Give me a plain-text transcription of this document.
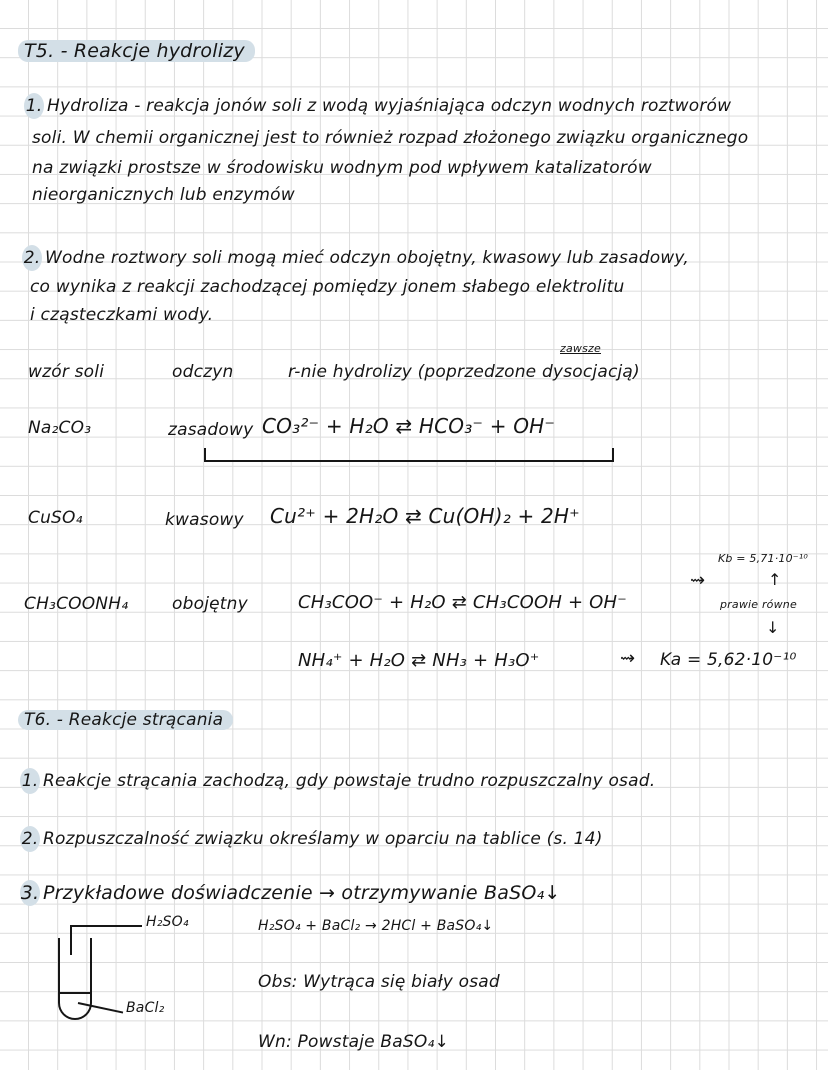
T5. - Reakcje hydrolizy
1. Hydroliza - reakcja jonów soli z wodą wyjaśniająca odczyn wodnych roztworów
soli. W chemii organicznej jest to również rozpad złożonego związku organicznego
na związki prostsze w środowisku wodnym pod wpływem katalizatorów
nieorganicznych lub enzymów
2. Wodne roztwory soli mogą mieć odczyn obojętny, kwasowy lub zasadowy,
co wynika z reakcji zachodzącej pomiędzy jonem słabego elektrolitu
i cząsteczkami wody.
zawsze
wzór soli	odczyn	r-nie hydrolizy (poprzedzone dysocjacją)
Na₂CO₃	zasadowy CO₃²⁻ + H₂O ⇄ HCO₃⁻ + OH⁻
CuSO₄	kwasowy Cu²⁺ + 2H₂O ⇄ Cu(OH)₂ + 2H⁺
CH₃COONH₄	obojętny	CH₃COO⁻ + H₂O ⇄ CH₃COOH + OH⁻
NH₄⁺ + H₂O ⇄ NH₃ + H₃O⁺
⇝
Kb = 5,71·10⁻¹⁰
↑
prawie równe
↓
⇝ Ka = 5,62·10⁻¹⁰
T6. - Reakcje strącania
1. Reakcje strącania zachodzą, gdy powstaje trudno rozpuszczalny osad.
2. Rozpuszczalność związku określamy w oparciu na tablice (s. 14)
3. Przykładowe doświadczenie → otrzymywanie BaSO₄↓
H₂SO₄
BaCl₂
H₂SO₄ + BaCl₂ → 2HCl + BaSO₄↓
Obs: Wytrąca się biały osad
Wn: Powstaje BaSO₄↓
